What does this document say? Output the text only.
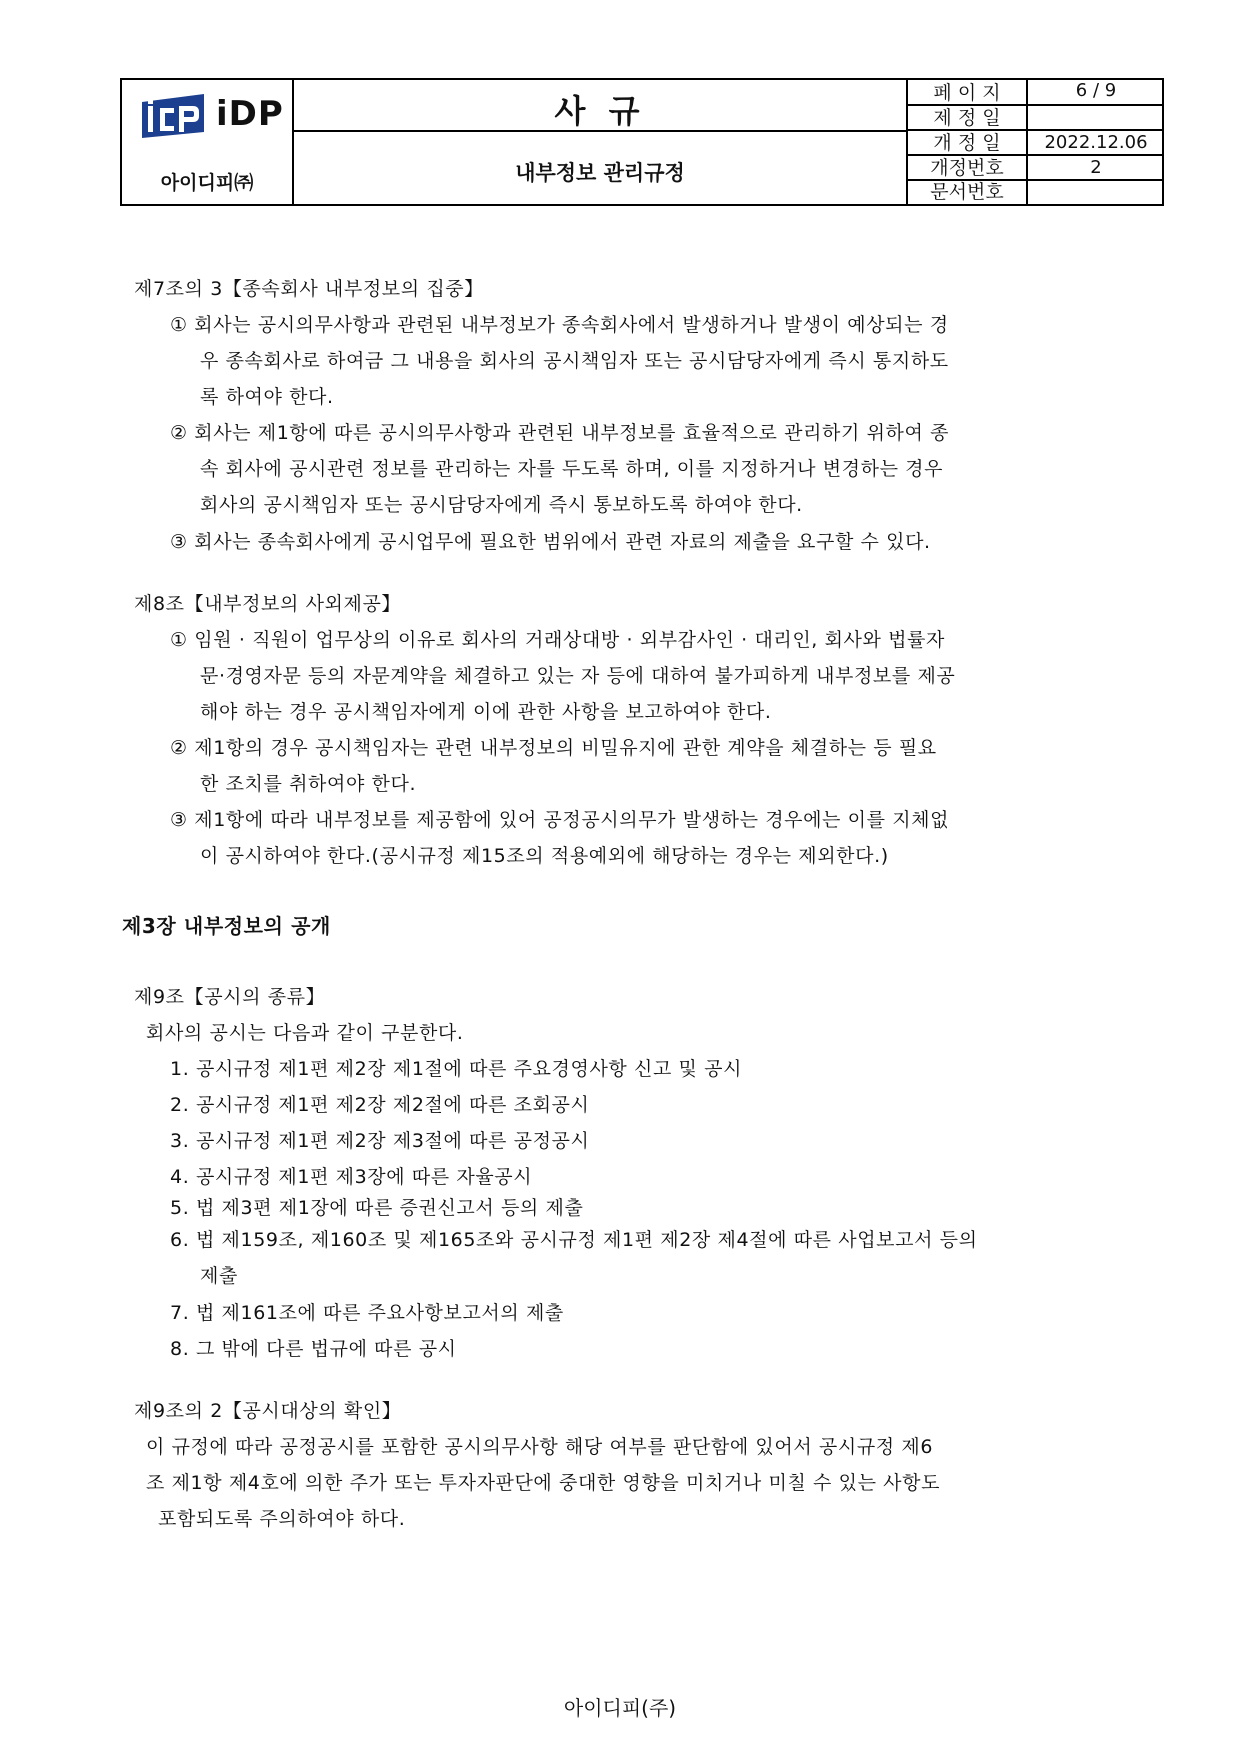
iDP
아이디피㈜
사 규
내부정보 관리규정
페 이 지	6 / 9
제 정 일
개 정 일	2022.12.06
개정번호	2
문서번호
제7조의 3【종속회사 내부정보의 집중】
① 회사는 공시의무사항과 관련된 내부정보가 종속회사에서 발생하거나 발생이 예상되는 경
우 종속회사로 하여금 그 내용을 회사의 공시책임자 또는 공시담당자에게 즉시 통지하도
록 하여야 한다.
② 회사는 제1항에 따른 공시의무사항과 관련된 내부정보를 효율적으로 관리하기 위하여 종
속 회사에 공시관련 정보를 관리하는 자를 두도록 하며, 이를 지정하거나 변경하는 경우
회사의 공시책임자 또는 공시담당자에게 즉시 통보하도록 하여야 한다.
③ 회사는 종속회사에게 공시업무에 필요한 범위에서 관련 자료의 제출을 요구할 수 있다.
제8조【내부정보의 사외제공】
① 임원 · 직원이 업무상의 이유로 회사의 거래상대방 · 외부감사인 · 대리인, 회사와 법률자
문·경영자문 등의 자문계약을 체결하고 있는 자 등에 대하여 불가피하게 내부정보를 제공
해야 하는 경우 공시책임자에게 이에 관한 사항을 보고하여야 한다.
② 제1항의 경우 공시책임자는 관련 내부정보의 비밀유지에 관한 계약을 체결하는 등 필요
한 조치를 취하여야 한다.
③ 제1항에 따라 내부정보를 제공함에 있어 공정공시의무가 발생하는 경우에는 이를 지체없
이 공시하여야 한다.(공시규정 제15조의 적용예외에 해당하는 경우는 제외한다.)
제3장 내부정보의 공개
제9조【공시의 종류】
회사의 공시는 다음과 같이 구분한다.
1. 공시규정 제1편 제2장 제1절에 따른 주요경영사항 신고 및 공시
2. 공시규정 제1편 제2장 제2절에 따른 조회공시
3. 공시규정 제1편 제2장 제3절에 따른 공정공시
4. 공시규정 제1편 제3장에 따른 자율공시
5. 법 제3편 제1장에 따른 증권신고서 등의 제출
6. 법 제159조, 제160조 및 제165조와 공시규정 제1편 제2장 제4절에 따른 사업보고서 등의
제출
7. 법 제161조에 따른 주요사항보고서의 제출
8. 그 밖에 다른 법규에 따른 공시
제9조의 2【공시대상의 확인】
이 규정에 따라 공정공시를 포함한 공시의무사항 해당 여부를 판단함에 있어서 공시규정 제6
조 제1항 제4호에 의한 주가 또는 투자자판단에 중대한 영향을 미치거나 미칠 수 있는 사항도
포함되도록 주의하여야 하다.
아이디피(주)
